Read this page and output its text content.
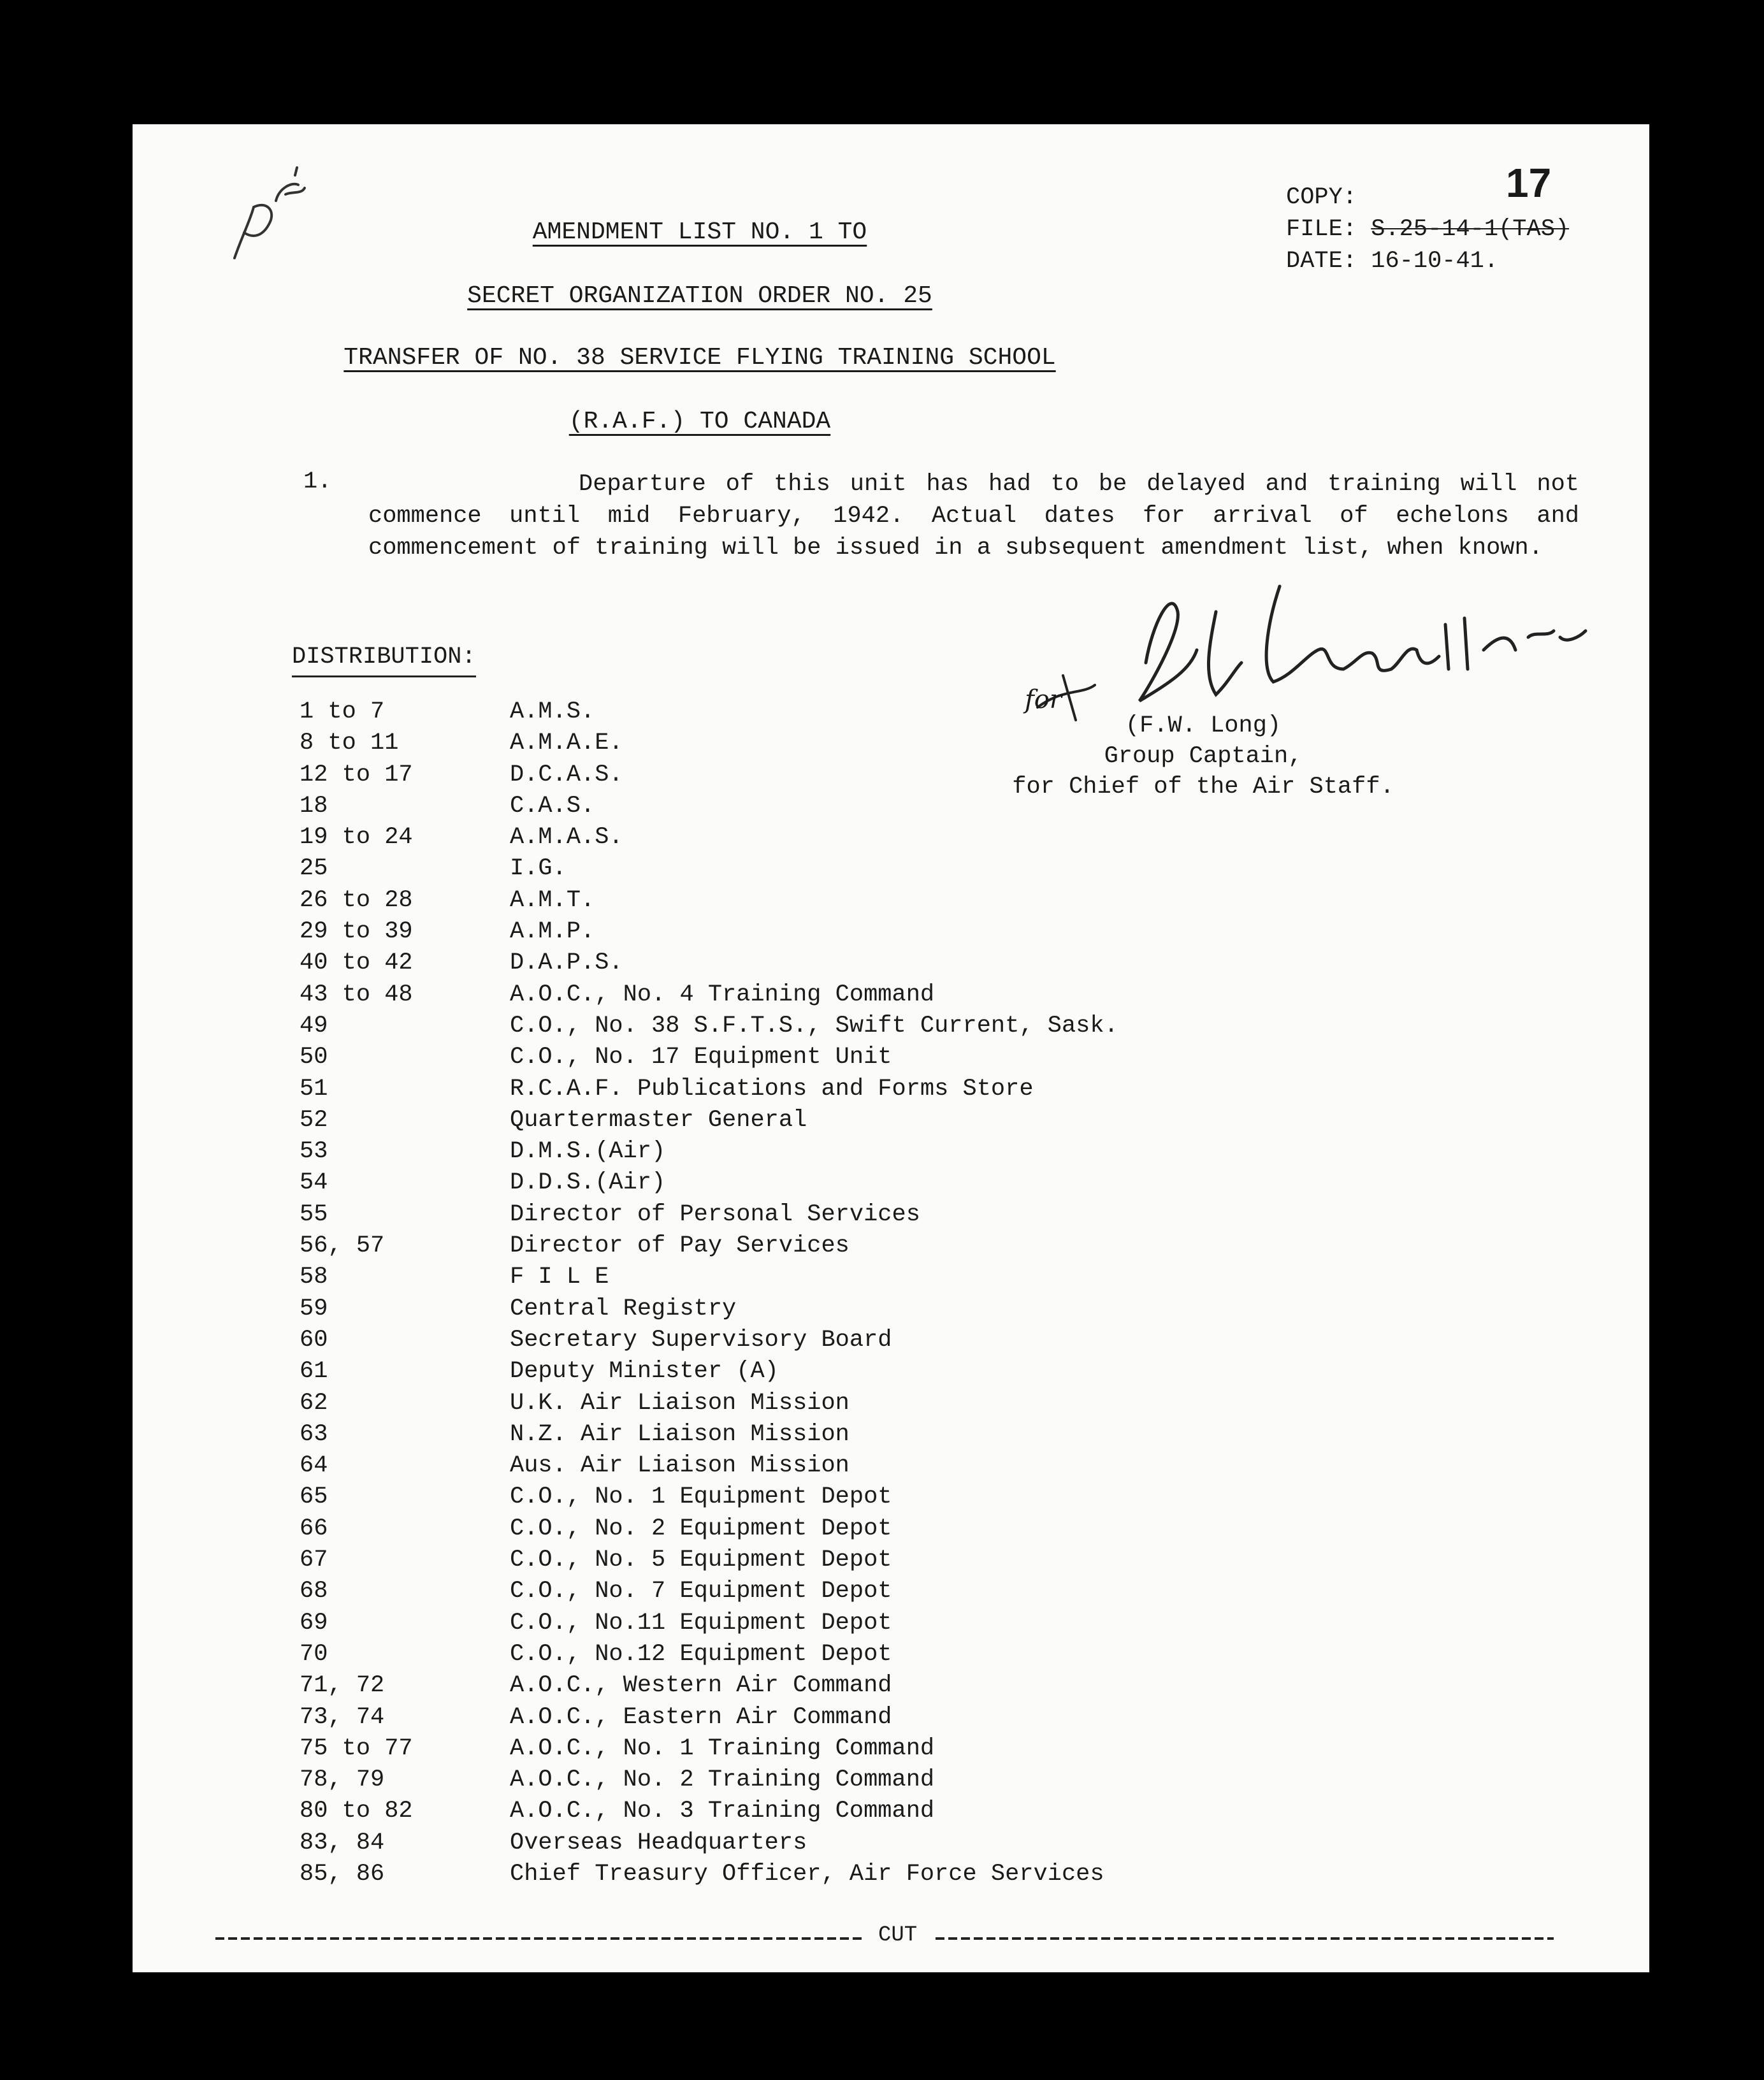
17
COPY:
FILE: S.25-14-1(TAS)
DATE: 16-10-41.
AMENDMENT LIST NO. 1 TO
SECRET ORGANIZATION ORDER NO. 25
TRANSFER OF NO. 38 SERVICE FLYING TRAINING SCHOOL
(R.A.F.) TO CANADA
1.	Departure of this unit has had to be delayed and training will not commence until mid February, 1942. Actual dates for arrival of echelons and commencement of training will be issued in a subsequent amendment list, when known.
(F.W. Long)
Group Captain,
for Chief of the Air Staff.
for
DISTRIBUTION:
1 to 7	A.M.S.
8 to 11	A.M.A.E.
12 to 17	D.C.A.S.
18	C.A.S.
19 to 24	A.M.A.S.
25	I.G.
26 to 28	A.M.T.
29 to 39	A.M.P.
40 to 42	D.A.P.S.
43 to 48	A.O.C., No. 4 Training Command
49	C.O., No. 38 S.F.T.S., Swift Current, Sask.
50	C.O., No. 17 Equipment Unit
51	R.C.A.F. Publications and Forms Store
52	Quartermaster General
53	D.M.S.(Air)
54	D.D.S.(Air)
55	Director of Personal Services
56, 57	Director of Pay Services
58	F I L E
59	Central Registry
60	Secretary Supervisory Board
61	Deputy Minister (A)
62	U.K. Air Liaison Mission
63	N.Z. Air Liaison Mission
64	Aus. Air Liaison Mission
65	C.O., No. 1 Equipment Depot
66	C.O., No. 2 Equipment Depot
67	C.O., No. 5 Equipment Depot
68	C.O., No. 7 Equipment Depot
69	C.O., No.11 Equipment Depot
70	C.O., No.12 Equipment Depot
71, 72	A.O.C., Western Air Command
73, 74	A.O.C., Eastern Air Command
75 to 77	A.O.C., No. 1 Training Command
78, 79	A.O.C., No. 2 Training Command
80 to 82	A.O.C., No. 3 Training Command
83, 84	Overseas Headquarters
85, 86	Chief Treasury Officer, Air Force Services
CUT
